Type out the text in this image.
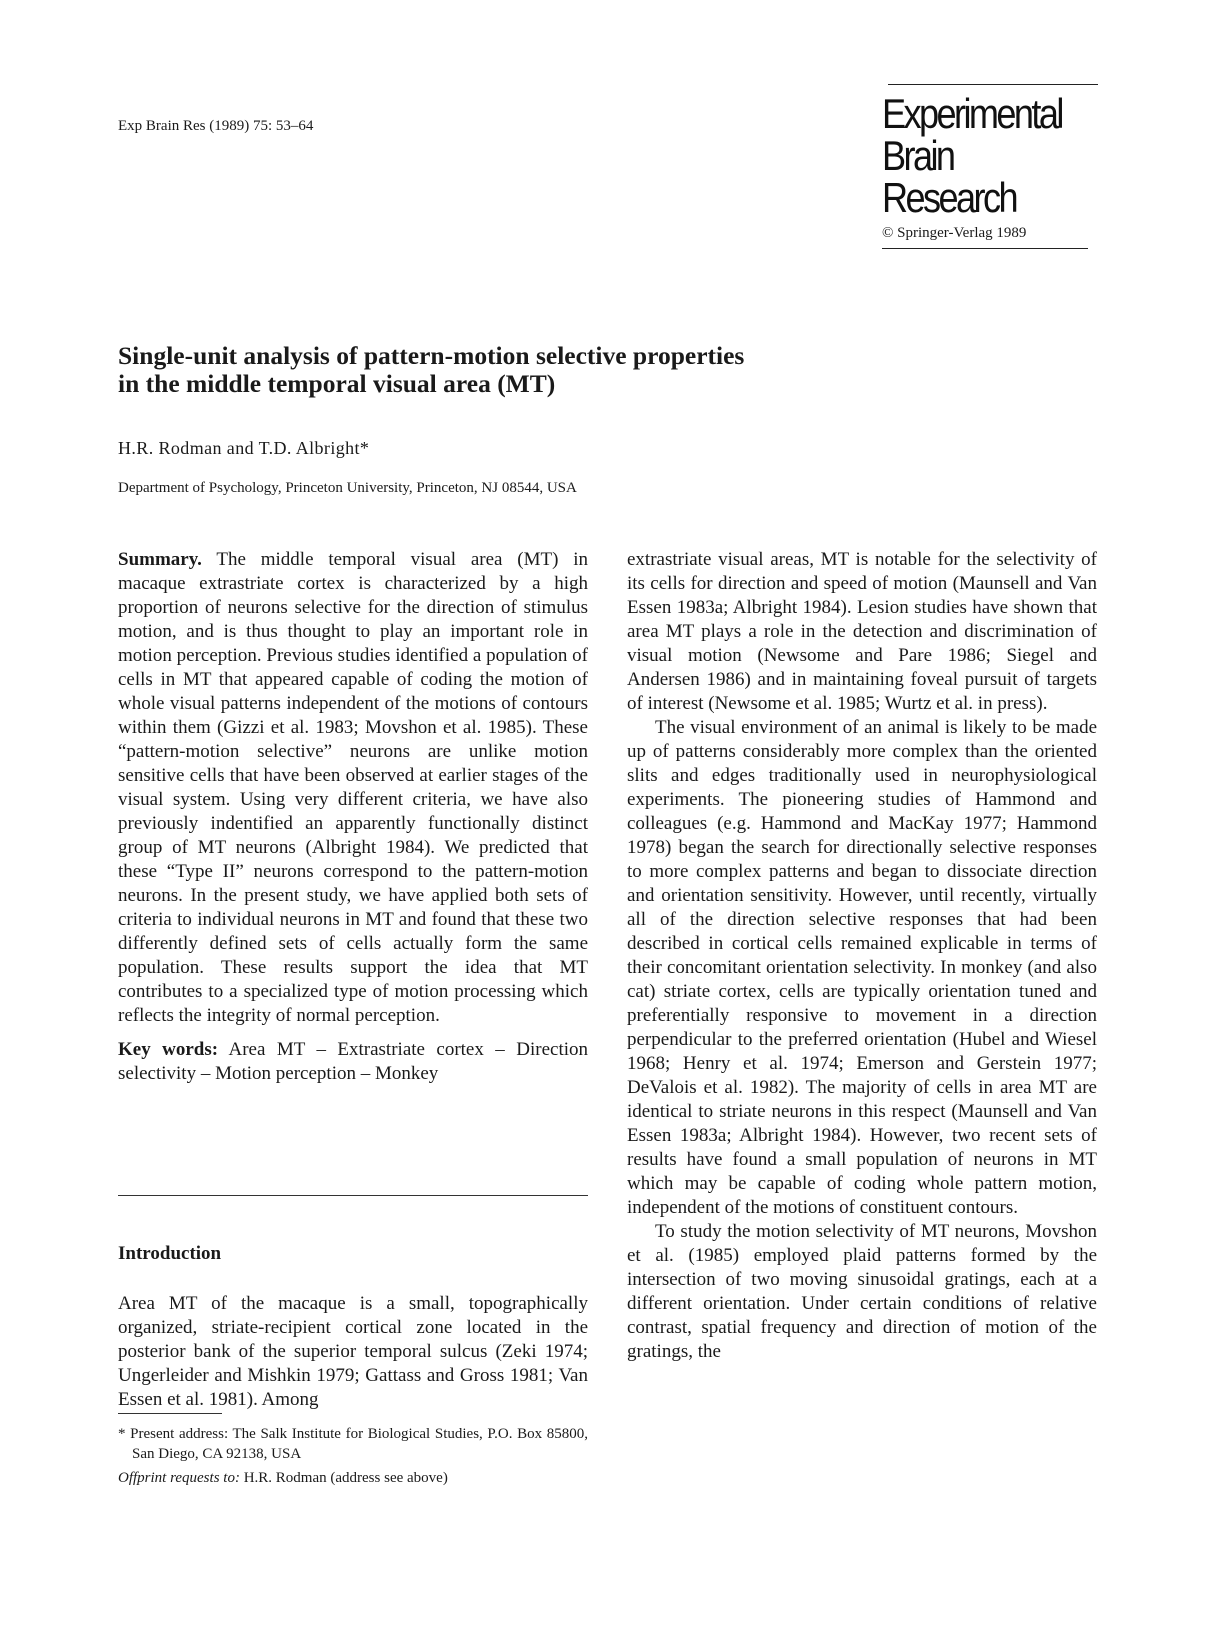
Exp Brain Res (1989) 75: 53–64	Experimental
Brain Research
© Springer-Verlag 1989
Single-unit analysis of pattern-motion selective properties
in the middle temporal visual area (MT)
H.R. Rodman and T.D. Albright*
Department of Psychology, Princeton University, Princeton, NJ 08544, USA

Summary. The middle temporal visual area (MT) in macaque extrastriate cortex is characterized by a high proportion of neurons selective for the direction of stimulus motion, and is thus thought to play an important role in motion perception. Previous studies identified a population of cells in MT that appeared capable of coding the motion of whole visual patterns independent of the motions of contours within them (Gizzi et al. 1983; Movshon et al. 1985). These “pattern-motion selective” neurons are unlike motion sensitive cells that have been observed at earlier stages of the visual system. Using very different criteria, we have also previously indentified an apparently functionally distinct group of MT neurons (Albright 1984). We predicted that these “Type II” neurons correspond to the pattern-motion neurons. In the present study, we have applied both sets of criteria to individual neurons in MT and found that these two differently defined sets of cells actually form the same population. These results support the idea that MT contributes to a specialized type of motion processing which reflects the integrity of normal perception.

Key words: Area MT – Extrastriate cortex – Direction selectivity – Motion perception – Monkey

Introduction

Area MT of the macaque is a small, topographically organized, striate-recipient cortical zone located in the posterior bank of the superior temporal sulcus (Zeki 1974; Ungerleider and Mishkin 1979; Gattass and Gross 1981; Van Essen et al. 1981). Among

* Present address: The Salk Institute for Biological Studies, P.O. Box 85800, San Diego, CA 92138, USA
Offprint requests to: H.R. Rodman (address see above)

extrastriate visual areas, MT is notable for the selectivity of its cells for direction and speed of motion (Maunsell and Van Essen 1983a; Albright 1984). Lesion studies have shown that area MT plays a role in the detection and discrimination of visual motion (Newsome and Pare 1986; Siegel and Andersen 1986) and in maintaining foveal pursuit of targets of interest (Newsome et al. 1985; Wurtz et al. in press).

The visual environment of an animal is likely to be made up of patterns considerably more complex than the oriented slits and edges traditionally used in neurophysiological experiments. The pioneering studies of Hammond and colleagues (e.g. Hammond and MacKay 1977; Hammond 1978) began the search for directionally selective responses to more complex patterns and began to dissociate direction and orientation sensitivity. However, until recently, virtually all of the direction selective responses that had been described in cortical cells remained explicable in terms of their concomitant orientation selectivity. In monkey (and also cat) striate cortex, cells are typically orientation tuned and preferentially responsive to movement in a direction perpendicular to the preferred orientation (Hubel and Wiesel 1968; Henry et al. 1974; Emerson and Gerstein 1977; DeValois et al. 1982). The majority of cells in area MT are identical to striate neurons in this respect (Maunsell and Van Essen 1983a; Albright 1984). However, two recent sets of results have found a small population of neurons in MT which may be capable of coding whole pattern motion, independent of the motions of constituent contours.

To study the motion selectivity of MT neurons, Movshon et al. (1985) employed plaid patterns formed by the intersection of two moving sinusoidal gratings, each at a different orientation. Under certain conditions of relative contrast, spatial frequency and direction of motion of the gratings, the
